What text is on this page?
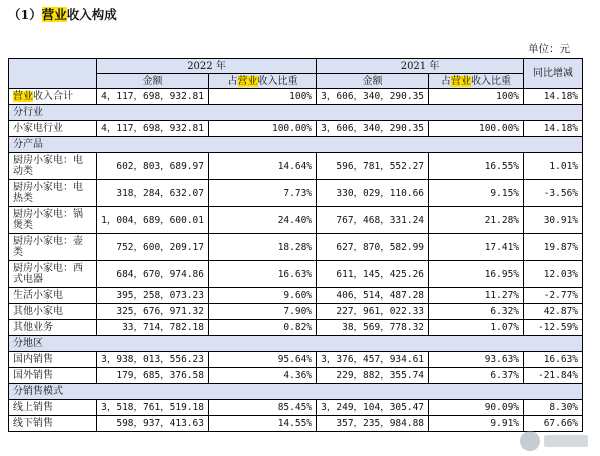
（1）营业收入构成
单位：元
	2022 年		2021 年		同比增减
	金额	占营业收入比重	金额	占营业收入比重	
营业收入合计	4，117，698，932.81	100%	3，606，340，290.35	100%	14.18%
分行业					
小家电行业	4，117，698，932.81	100.00%	3，606，340，290.35	100.00%	14.18%
分产品					
厨房小家电：电动类	602，803，689.97	14.64%	596，781，552.27	16.55%	1.01%
厨房小家电：电热类	318，284，632.07	7.73%	330，029，110.66	9.15%	-3.56%
厨房小家电：锅煲类	1，004，689，600.01	24.40%	767，468，331.24	21.28%	30.91%
厨房小家电：壶类	752，600，209.17	18.28%	627，870，582.99	17.41%	19.87%
厨房小家电：西式电器	684，670，974.86	16.63%	611，145，425.26	16.95%	12.03%
生活小家电	395，258，073.23	9.60%	406，514，487.28	11.27%	-2.77%
其他小家电	325，676，971.32	7.90%	227，961，022.33	6.32%	42.87%
其他业务	33，714，782.18	0.82%	38，569，778.32	1.07%	-12.59%
分地区					
国内销售	3，938，013，556.23	95.64%	3，376，457，934.61	93.63%	16.63%
国外销售	179，685，376.58	4.36%	229，882，355.74	6.37%	-21.84%
分销售模式					
线上销售	3，518，761，519.18	85.45%	3，249，104，305.47	90.09%	8.30%
线下销售	598，937，413.63	14.55%	357，235，984.88	9.91%	67.66%
